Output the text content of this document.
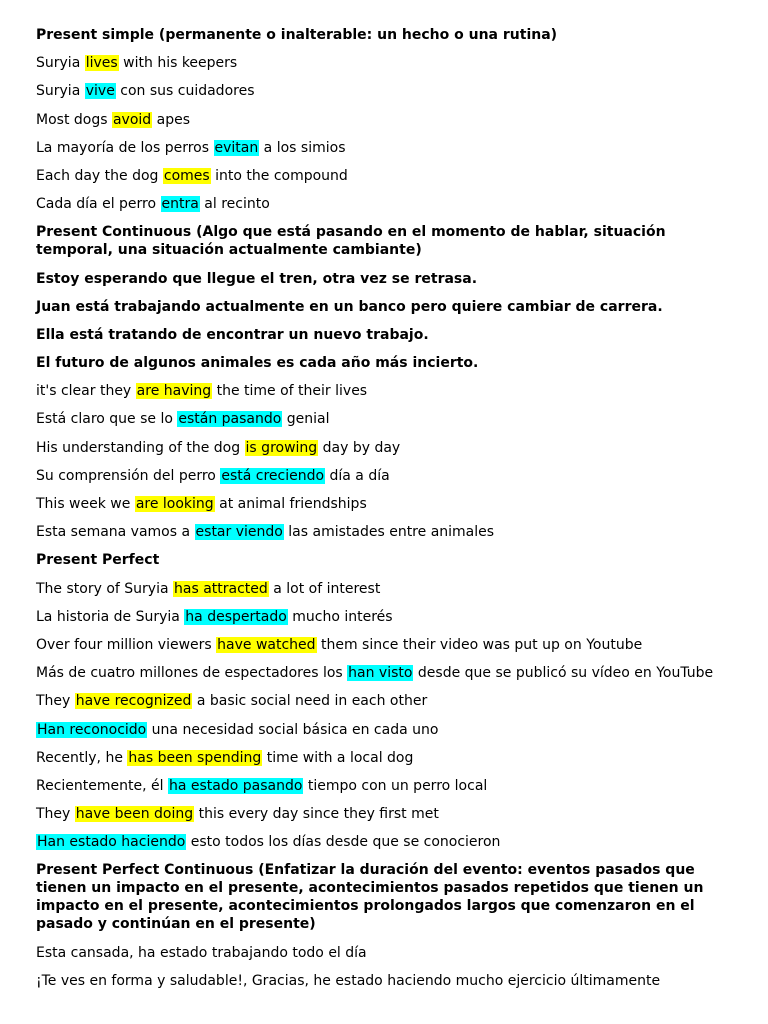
Present simple (permanente o inalterable: un hecho o una rutina)

Suryia lives with his keepers

Suryia vive con sus cuidadores

Most dogs avoid apes

La mayoría de los perros evitan a los simios

Each day the dog comes into the compound

Cada día el perro entra al recinto

Present Continuous (Algo que está pasando en el momento de hablar, situación temporal, una situación actualmente cambiante)

Estoy esperando que llegue el tren, otra vez se retrasa.

Juan está trabajando actualmente en un banco pero quiere cambiar de carrera.

Ella está tratando de encontrar un nuevo trabajo.

El futuro de algunos animales es cada año más incierto.

it's clear they are having the time of their lives

Está claro que se lo están pasando genial

His understanding of the dog is growing day by day

Su comprensión del perro está creciendo día a día

This week we are looking at animal friendships

Esta semana vamos a estar viendo las amistades entre animales

Present Perfect

The story of Suryia has attracted a lot of interest

La historia de Suryia ha despertado mucho interés

Over four million viewers have watched them since their video was put up on Youtube

Más de cuatro millones de espectadores los han visto desde que se publicó su vídeo en YouTube

They have recognized a basic social need in each other

Han reconocido una necesidad social básica en cada uno

Recently, he has been spending time with a local dog

Recientemente, él ha estado pasando tiempo con un perro local

They have been doing this every day since they first met

Han estado haciendo esto todos los días desde que se conocieron

Present Perfect Continuous (Enfatizar la duración del evento: eventos pasados que tienen un impacto en el presente, acontecimientos pasados repetidos que tienen un impacto en el presente, acontecimientos prolongados largos que comenzaron en el pasado y continúan en el presente)

Esta cansada, ha estado trabajando todo el día

¡Te ves en forma y saludable!, Gracias, he estado haciendo mucho ejercicio últimamente
